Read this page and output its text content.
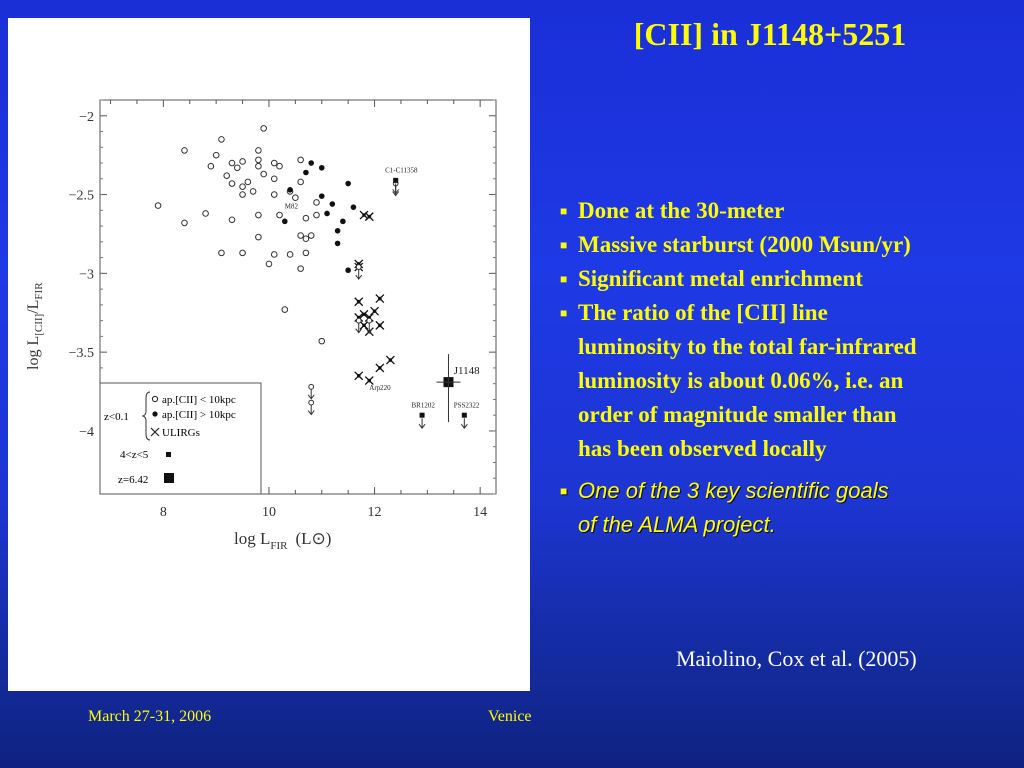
8	10	12	14
−2
−2.5
−3
−3.5
−4
C1-C11358
M82
Arp220
J1148
BR1202	PSS2322
$\log L_{[CII]}/L_{FIR}$
$\log L_{FIR}$ (L⊙)
z<0.1
ap.[CII] < 10kpc
ap.[CII] > 10kpc
ULIRGs
4<z<5
z=6.42
[CII] in J1148+5251
■ Done at the 30-meter
■ Massive starburst (2000 Msun/yr)
■ Significant metal enrichment
■ The ratio of the [CII] line
luminosity to the total far-infrared
luminosity is about 0.06%, i.e. an
order of magnitude smaller than
has been observed locally
■ One of the 3 key scientific goals
of the ALMA project.
Maiolino, Cox et al. (2005)
March 27-31, 2006	Venice
